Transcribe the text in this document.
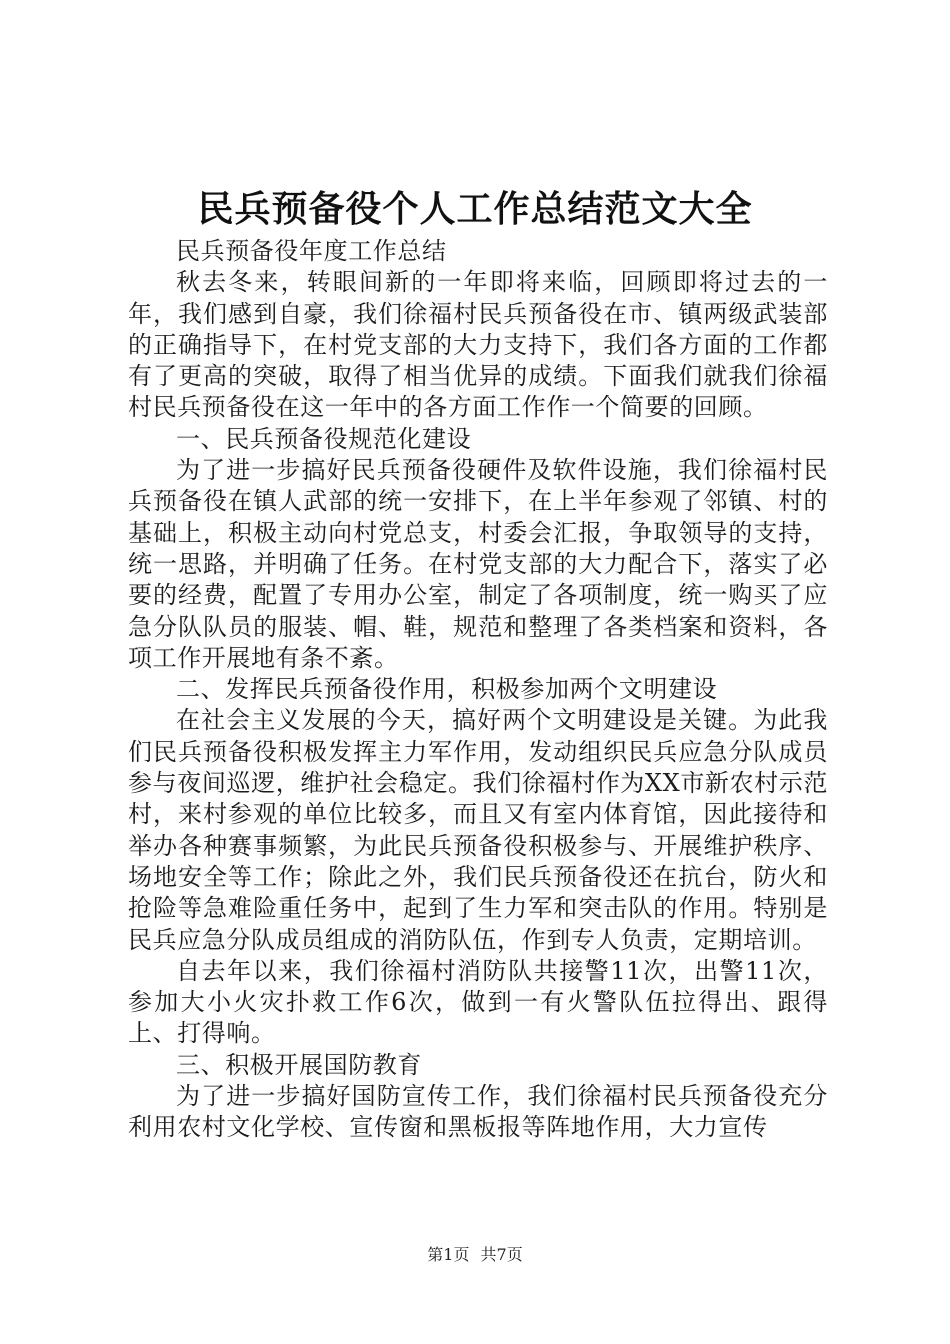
民兵预备役个人工作总结范文大全

民兵预备役年度工作总结

秋去冬来，转眼间新的一年即将来临，回顾即将过去的一年，我们感到自豪，我们徐福村民兵预备役在市、镇两级武装部的正确指导下，在村党支部的大力支持下，我们各方面的工作都有了更高的突破，取得了相当优异的成绩。下面我们就我们徐福村民兵预备役在这一年中的各方面工作作一个简要的回顾。

一、民兵预备役规范化建设

为了进一步搞好民兵预备役硬件及软件设施，我们徐福村民兵预备役在镇人武部的统一安排下，在上半年参观了邻镇、村的基础上，积极主动向村党总支，村委会汇报，争取领导的支持，统一思路，并明确了任务。在村党支部的大力配合下，落实了必要的经费，配置了专用办公室，制定了各项制度，统一购买了应急分队队员的服装、帽、鞋，规范和整理了各类档案和资料，各项工作开展地有条不紊。

二、发挥民兵预备役作用，积极参加两个文明建设

在社会主义发展的今天，搞好两个文明建设是关键。为此我们民兵预备役积极发挥主力军作用，发动组织民兵应急分队成员参与夜间巡逻，维护社会稳定。我们徐福村作为XX市新农村示范村，来村参观的单位比较多，而且又有室内体育馆，因此接待和举办各种赛事频繁，为此民兵预备役积极参与、开展维护秩序、场地安全等工作；除此之外，我们民兵预备役还在抗台，防火和抢险等急难险重任务中，起到了生力军和突击队的作用。特别是民兵应急分队成员组成的消防队伍，作到专人负责，定期培训。

自去年以来，我们徐福村消防队共接警11次，出警11次，参加大小火灾扑救工作6次，做到一有火警队伍拉得出、跟得上、打得响。

三、积极开展国防教育

为了进一步搞好国防宣传工作，我们徐福村民兵预备役充分利用农村文化学校、宣传窗和黑板报等阵地作用，大力宣传

第1页 共7页
